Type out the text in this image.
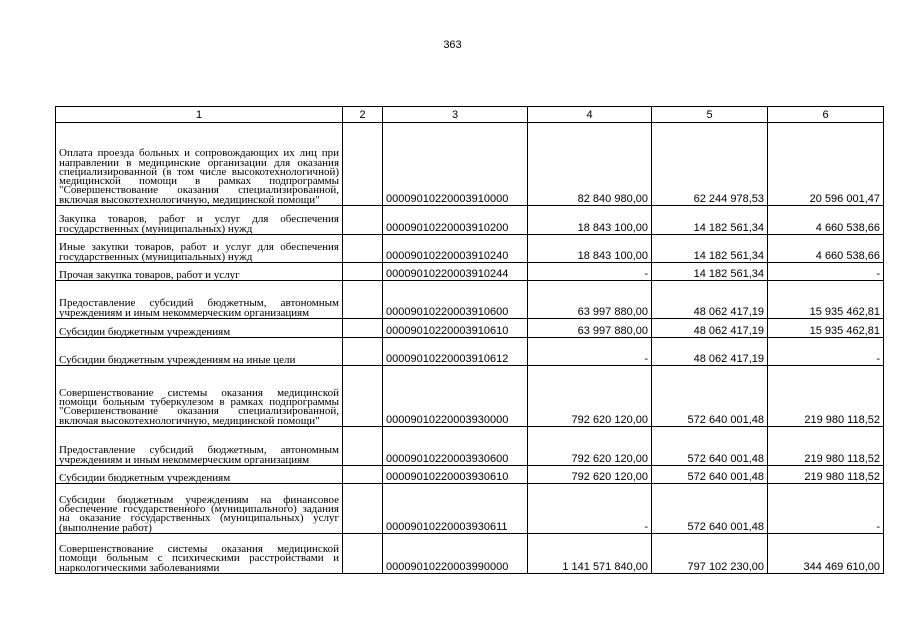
363
1	2	3	4	5	6
Оплата проезда больных и сопровождающих их лиц при направлении в медицинские организации для оказания специализированной (в том числе высокотехнологичной) медицинской помощи в рамках подпрограммы "Совершенствование оказания специализированной, включая высокотехнологичную, медицинской помощи"		00009010220003910000	82 840 980,00	62 244 978,53	20 596 001,47
Закупка товаров, работ и услуг для обеспечения государственных (муниципальных) нужд		00009010220003910200	18 843 100,00	14 182 561,34	4 660 538,66
Иные закупки товаров, работ и услуг для обеспечения государственных (муниципальных) нужд		00009010220003910240	18 843 100,00	14 182 561,34	4 660 538,66
Прочая закупка товаров, работ и услуг		00009010220003910244	-	14 182 561,34	-
Предоставление субсидий бюджетным, автономным учреждениям и иным некоммерческим организациям		00009010220003910600	63 997 880,00	48 062 417,19	15 935 462,81
Субсидии бюджетным учреждениям		00009010220003910610	63 997 880,00	48 062 417,19	15 935 462,81
Субсидии бюджетным учреждениям на иные цели		00009010220003910612	-	48 062 417,19	-
Совершенствование системы оказания медицинской помощи больным туберкулезом в рамках подпрограммы "Совершенствование оказания специализированной, включая высокотехнологичную, медицинской помощи"		00009010220003930000	792 620 120,00	572 640 001,48	219 980 118,52
Предоставление субсидий бюджетным, автономным учреждениям и иным некоммерческим организациям		00009010220003930600	792 620 120,00	572 640 001,48	219 980 118,52
Субсидии бюджетным учреждениям		00009010220003930610	792 620 120,00	572 640 001,48	219 980 118,52
Субсидии бюджетным учреждениям на финансовое обеспечение государственного (муниципального) задания на оказание государственных (муниципальных) услуг (выполнение работ)		00009010220003930611	-	572 640 001,48	-
Совершенствование системы оказания медицинской помощи больным с психическими расстройствами и наркологическими заболеваниями		00009010220003990000	1 141 571 840,00	797 102 230,00	344 469 610,00
